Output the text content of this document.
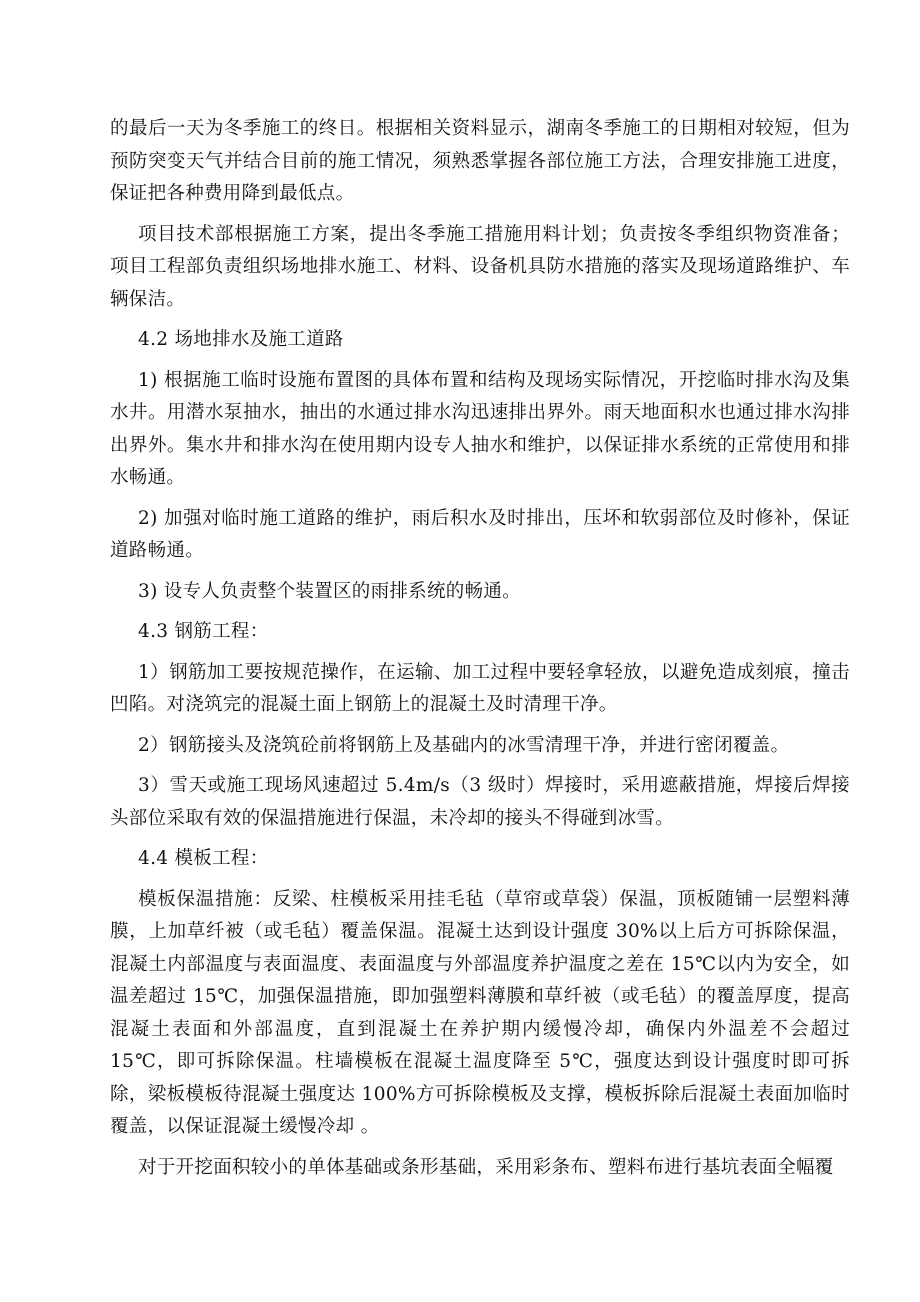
的最后一天为冬季施工的终日。根据相关资料显示，湖南冬季施工的日期相对较短，但为预防突变天气并结合目前的施工情况，须熟悉掌握各部位施工方法，合理安排施工进度，保证把各种费用降到最低点。

项目技术部根据施工方案，提出冬季施工措施用料计划；负责按冬季组织物资准备；项目工程部负责组织场地排水施工、材料、设备机具防水措施的落实及现场道路维护、车辆保洁。

4.2 场地排水及施工道路

1) 根据施工临时设施布置图的具体布置和结构及现场实际情况，开挖临时排水沟及集水井。用潜水泵抽水，抽出的水通过排水沟迅速排出界外。雨天地面积水也通过排水沟排出界外。集水井和排水沟在使用期内设专人抽水和维护，以保证排水系统的正常使用和排水畅通。

2) 加强对临时施工道路的维护，雨后积水及时排出，压坏和软弱部位及时修补，保证道路畅通。

3) 设专人负责整个装置区的雨排系统的畅通。

4.3 钢筋工程：

1）钢筋加工要按规范操作，在运输、加工过程中要轻拿轻放，以避免造成刻痕，撞击凹陷。对浇筑完的混凝土面上钢筋上的混凝土及时清理干净。

2）钢筋接头及浇筑砼前将钢筋上及基础内的冰雪清理干净，并进行密闭覆盖。

3）雪天或施工现场风速超过 5.4m/s（3 级时）焊接时，采用遮蔽措施，焊接后焊接头部位采取有效的保温措施进行保温，未冷却的接头不得碰到冰雪。

4.4 模板工程：

模板保温措施：反梁、柱模板采用挂毛毡（草帘或草袋）保温，顶板随铺一层塑料薄膜，上加草纤被（或毛毡）覆盖保温。混凝土达到设计强度 30%以上后方可拆除保温，混凝土内部温度与表面温度、表面温度与外部温度养护温度之差在 15℃以内为安全，如温差超过 15℃，加强保温措施，即加强塑料薄膜和草纤被（或毛毡）的覆盖厚度，提高混凝土表面和外部温度，直到混凝土在养护期内缓慢冷却，确保内外温差不会超过 15℃，即可拆除保温。柱墙模板在混凝土温度降至 5℃，强度达到设计强度时即可拆除，梁板模板待混凝土强度达 100%方可拆除模板及支撑，模板拆除后混凝土表面加临时覆盖，以保证混凝土缓慢冷却 。

对于开挖面积较小的单体基础或条形基础，采用彩条布、塑料布进行基坑表面全幅覆
